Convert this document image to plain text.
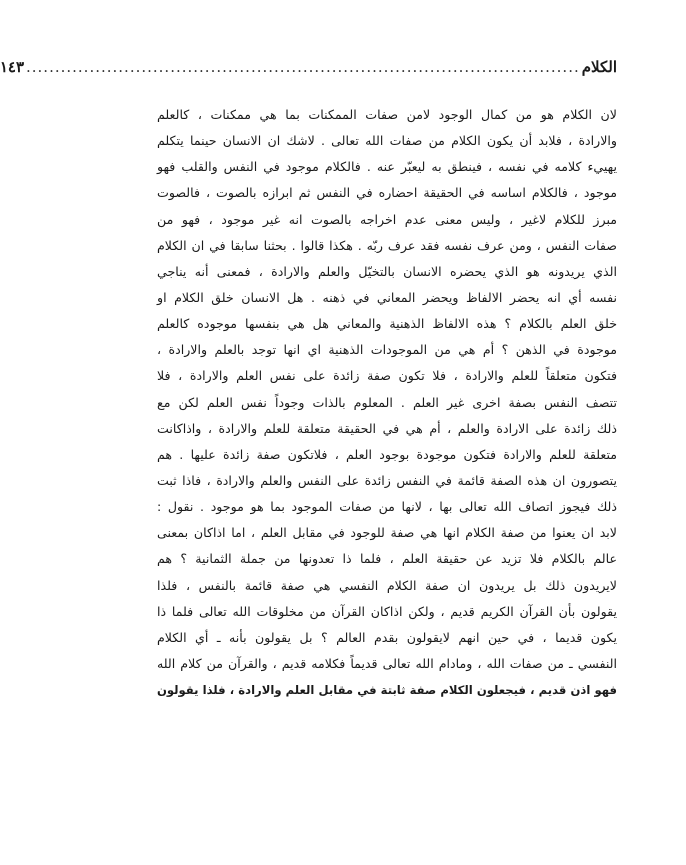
الكلام
................................................................................................
١٤٣
لان الكلام هو من كمال الوجود لامن صفات الممكنات بما هي ممكنات ، كالعلم
والارادة ، فلابد أن يكون الكلام من صفات الله تعالى . لاشك ان الانسان حينما يتكلم
يهييء كلامه في نفسه ، فينطق به ليعبّر عنه . فالكلام موجود في النفس والقلب فهو
موجود ، فالكلام اساسه في الحقيقة احضاره في النفس ثم ابرازه بالصوت ، فالصوت
مبرز للكلام لاغير ، وليس معنى عدم اخراجه بالصوت انه غير موجود ، فهو من
صفات النفس ، ومن عرف نفسه فقد عرف ربّه . هكذا قالوا . بحثنا سابقا في ان الكلام
الذي يريدونه هو الذي يحضره الانسان بالتخيّل والعلم والارادة ، فمعنى أنه يناجي
نفسه أي انه يحضر الالفاظ ويحضر المعاني في ذهنه . هل الانسان خلق الكلام او
خلق العلم بالكلام ؟ هذه الالفاظ الذهنية والمعاني هل هي بنفسها موجوده كالعلم
موجودة في الذهن ؟ أم هي من الموجودات الذهنية اي انها توجد بالعلم والارادة ،
فتكون متعلقاً للعلم والارادة ، فلا تكون صفة زائدة على نفس العلم والارادة ، فلا
تتصف النفس بصفة اخرى غير العلم . المعلوم بالذات وجوداً نفس العلم لكن مع
ذلك زائدة على الارادة والعلم ، أم هي في الحقيقة متعلقة للعلم والارادة ، واذاكانت
متعلقة للعلم والارادة فتكون موجودة بوجود العلم ، فلاتكون صفة زائدة عليها . هم
يتصورون ان هذه الصفة قائمة في النفس زائدة على النفس والعلم والارادة ، فاذا ثبت
ذلك فيجوز اتصاف الله تعالى بها ، لانها من صفات الموجود بما هو موجود . نقول :
لابد ان يعنوا من صفة الكلام انها هي صفة للوجود في مقابل العلم ، اما اذاكان بمعنى
عالم بالكلام فلا تزيد عن حقيقة العلم ، فلما ذا تعدونها من جملة الثمانية ؟ هم
لايريدون ذلك بل يريدون ان صفة الكلام النفسي هي صفة قائمة بالنفس ، فلذا
يقولون بأن القرآن الكريم قديم ، ولكن اذاكان القرآن من مخلوقات الله تعالى فلما ذا
يكون قديما ، في حين انهم لايقولون بقدم العالم ؟ بل يقولون بأنه ـ أي الكلام
النفسي ـ من صفات الله ، ومادام الله تعالى قديماً فكلامه قديم ، والقرآن من كلام الله
فهو اذن قديم ، فيجعلون الكلام صفة ثابتة في مقابل العلم والارادة ، فلذا يقولون
